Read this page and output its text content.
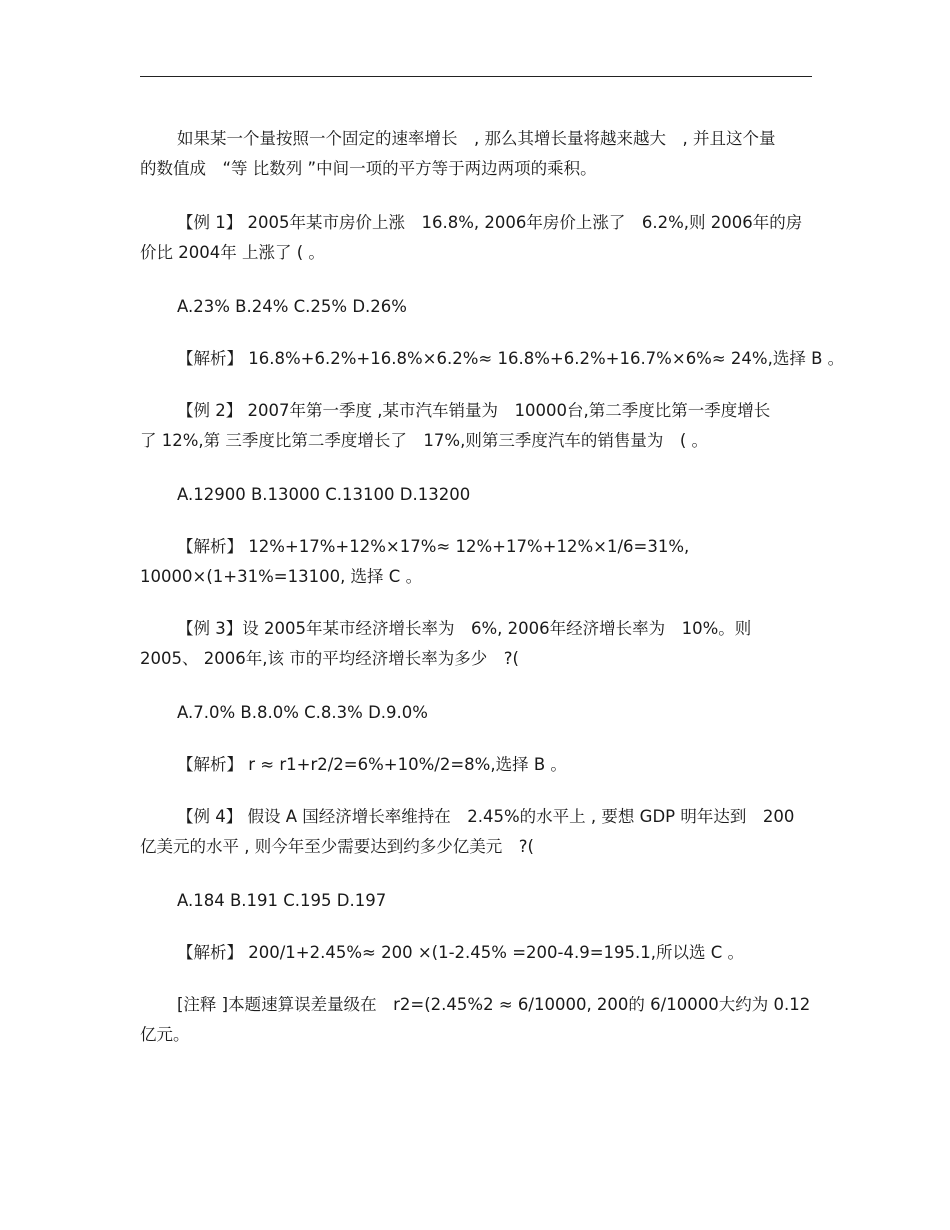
如果某一个量按照一个固定的速率增长　, 那么其增长量将越来越大　, 并且这个量
的数值成　“等 比数列 ”中间一项的平方等于两边两项的乘积。
【例 1】 2005年某市房价上涨　16.8%, 2006年房价上涨了　6.2%,则 2006年的房
价比 2004年 上涨了 ( 。
A.23% B.24% C.25% D.26%
【解析】 16.8%+6.2%+16.8%×6.2%≈ 16.8%+6.2%+16.7%×6%≈ 24%,选择 B 。
【例 2】 2007年第一季度 ,某市汽车销量为　10000台,第二季度比第一季度增长
了 12%,第 三季度比第二季度增长了　17%,则第三季度汽车的销售量为　( 。
A.12900 B.13000 C.13100 D.13200
【解析】 12%+17%+12%×17%≈ 12%+17%+12%×1/6=31%,
10000×(1+31%=13100, 选择 C 。
【例 3】设 2005年某市经济增长率为　6%, 2006年经济增长率为　10%。则
2005、 2006年,该 市的平均经济增长率为多少　?(
A.7.0% B.8.0% C.8.3% D.9.0%
【解析】 r ≈ r1+r2/2=6%+10%/2=8%,选择 B 。
【例 4】 假设 A 国经济增长率维持在　2.45%的水平上 , 要想 GDP 明年达到　200
亿美元的水平 , 则今年至少需要达到约多少亿美元　?(
A.184 B.191 C.195 D.197
【解析】 200/1+2.45%≈ 200 ×(1-2.45% =200-4.9=195.1,所以选 C 。
[注释 ]本题速算误差量级在　r2=(2.45%2 ≈ 6/10000, 200的 6/10000大约为 0.12
亿元。
